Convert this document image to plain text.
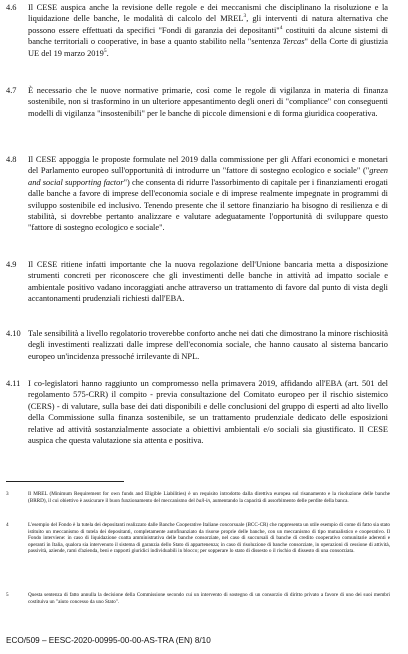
4.6	Il CESE auspica anche la revisione delle regole e dei meccanismi che disciplinano la risoluzione e la liquidazione delle banche, le modalità di calcolo del MREL$^3$, gli interventi di natura alternativa che possono essere effettuati da specifici "Fondi di garanzia dei depositanti"$^4$ costituiti da alcune sistemi di banche territoriali o cooperative, in base a quanto stabilito nella "sentenza Tercas" della Corte di giustizia UE del 19 marzo 2019$^5$.
4.7	È necessario che le nuove normative primarie, così come le regole di vigilanza in materia di finanza sostenibile, non si trasformino in un ulteriore appesantimento degli oneri di "compliance" con conseguenti modelli di vigilanza "insostenibili" per le banche di piccole dimensioni e di forma giuridica cooperativa.
4.8	Il CESE appoggia le proposte formulate nel 2019 dalla commissione per gli Affari economici e monetari del Parlamento europeo sull'opportunità di introdurre un "fattore di sostegno ecologico e sociale" ("green and social supporting factor") che consenta di ridurre l'assorbimento di capitale per i finanziamenti erogati dalle banche a favore di imprese dell'economia sociale e di imprese realmente impegnate in programmi di sviluppo sostenibile ed inclusivo. Tenendo presente che il settore finanziario ha bisogno di resilienza e di stabilità, si dovrebbe pertanto analizzare e valutare adeguatamente l'opportunità di sviluppare questo "fattore di sostegno ecologico e sociale".
4.9	Il CESE ritiene infatti importante che la nuova regolazione dell'Unione bancaria metta a disposizione strumenti concreti per riconoscere che gli investimenti delle banche in attività ad impatto sociale e ambientale positivo vadano incoraggiati anche attraverso un trattamento di favore dal punto di vista degli accantonamenti prudenziali richiesti dall'EBA.
4.10 Tale sensibilità a livello regolatorio troverebbe conforto anche nei dati che dimostrano la minore rischiosità degli investimenti realizzati dalle imprese dell'economia sociale, che hanno causato al sistema bancario europeo un'incidenza pressoché irrilevante di NPL.
4.11 I co-legislatori hanno raggiunto un compromesso nella primavera 2019, affidando all'EBA (art. 501 del regolamento 575-CRR) il compito - previa consultazione del Comitato europeo per il rischio sistemico (CERS) - di valutare, sulla base dei dati disponibili e delle conclusioni del gruppo di esperti ad alto livello della Commissione sulla finanza sostenibile, se un trattamento prudenziale dedicato delle esposizioni relative ad attività sostanzialmente associate a obiettivi ambientali e/o sociali sia giustificato. Il CESE auspica che questa valutazione sia attenta e positiva.
3	Il MREL (Minimum Requirement for own funds and Eligible Liabilities) è un requisito introdotto dalla direttiva europea sul risanamento e la risoluzione delle banche (BRRD), il cui obiettivo è assicurare il buon funzionamento del meccanismo del bail-in, aumentando la capacità di assorbimento delle perdite della banca.
4	L'esempio del Fondo è la tutela dei depositanti realizzato dalle Banche Cooperative Italiane concorsuale (BCC-CR) che rappresenta un utile esempio di come di fatto sia stato istituito un meccanismo di tutela dei depositanti, completamente autofinanziato da risorse proprie delle banche, con un meccanismo di tipo mutualistico e cooperativo. Il Fondo interviene: in caso di liquidazione coatta amministrativa delle banche consorziate, nel caso di succursali di banche di credito cooperativo comunitarie aderenti e operanti in Italia, qualora sia intervenuto il sistema di garanzia dello Stato di appartenenza; in caso di risoluzione di banche consorziate, in operazioni di cessione di attività, passività, aziende, rami d'azienda, beni e rapporti giuridici individuabili in blocco; per sopperare lo stato di dissesto o il rischio di dissesto di una consorziata.
5	Questa sentenza di fatto annulla la decisione della Commissione secondo cui un intervento di sostegno di un consorzio di diritto privato a favore di uno dei suoi membri costituiva un "aiuto concesso da uno Stato".
ECO/509 – EESC-2020-00995-00-00-AS-TRA (EN) 8/10
